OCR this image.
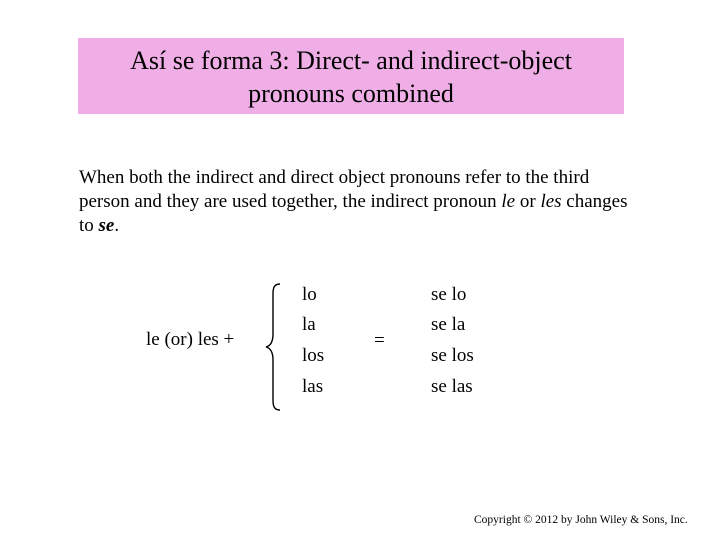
Así se forma 3: Direct- and indirect-object
pronouns combined
When both the indirect and direct object pronouns refer to the third person and they are used together, the indirect pronoun le or les changes to se.
le (or) les +
lo
la
los
las
=
se lo
se la
se los
se las
Copyright © 2012 by John Wiley & Sons, Inc.
